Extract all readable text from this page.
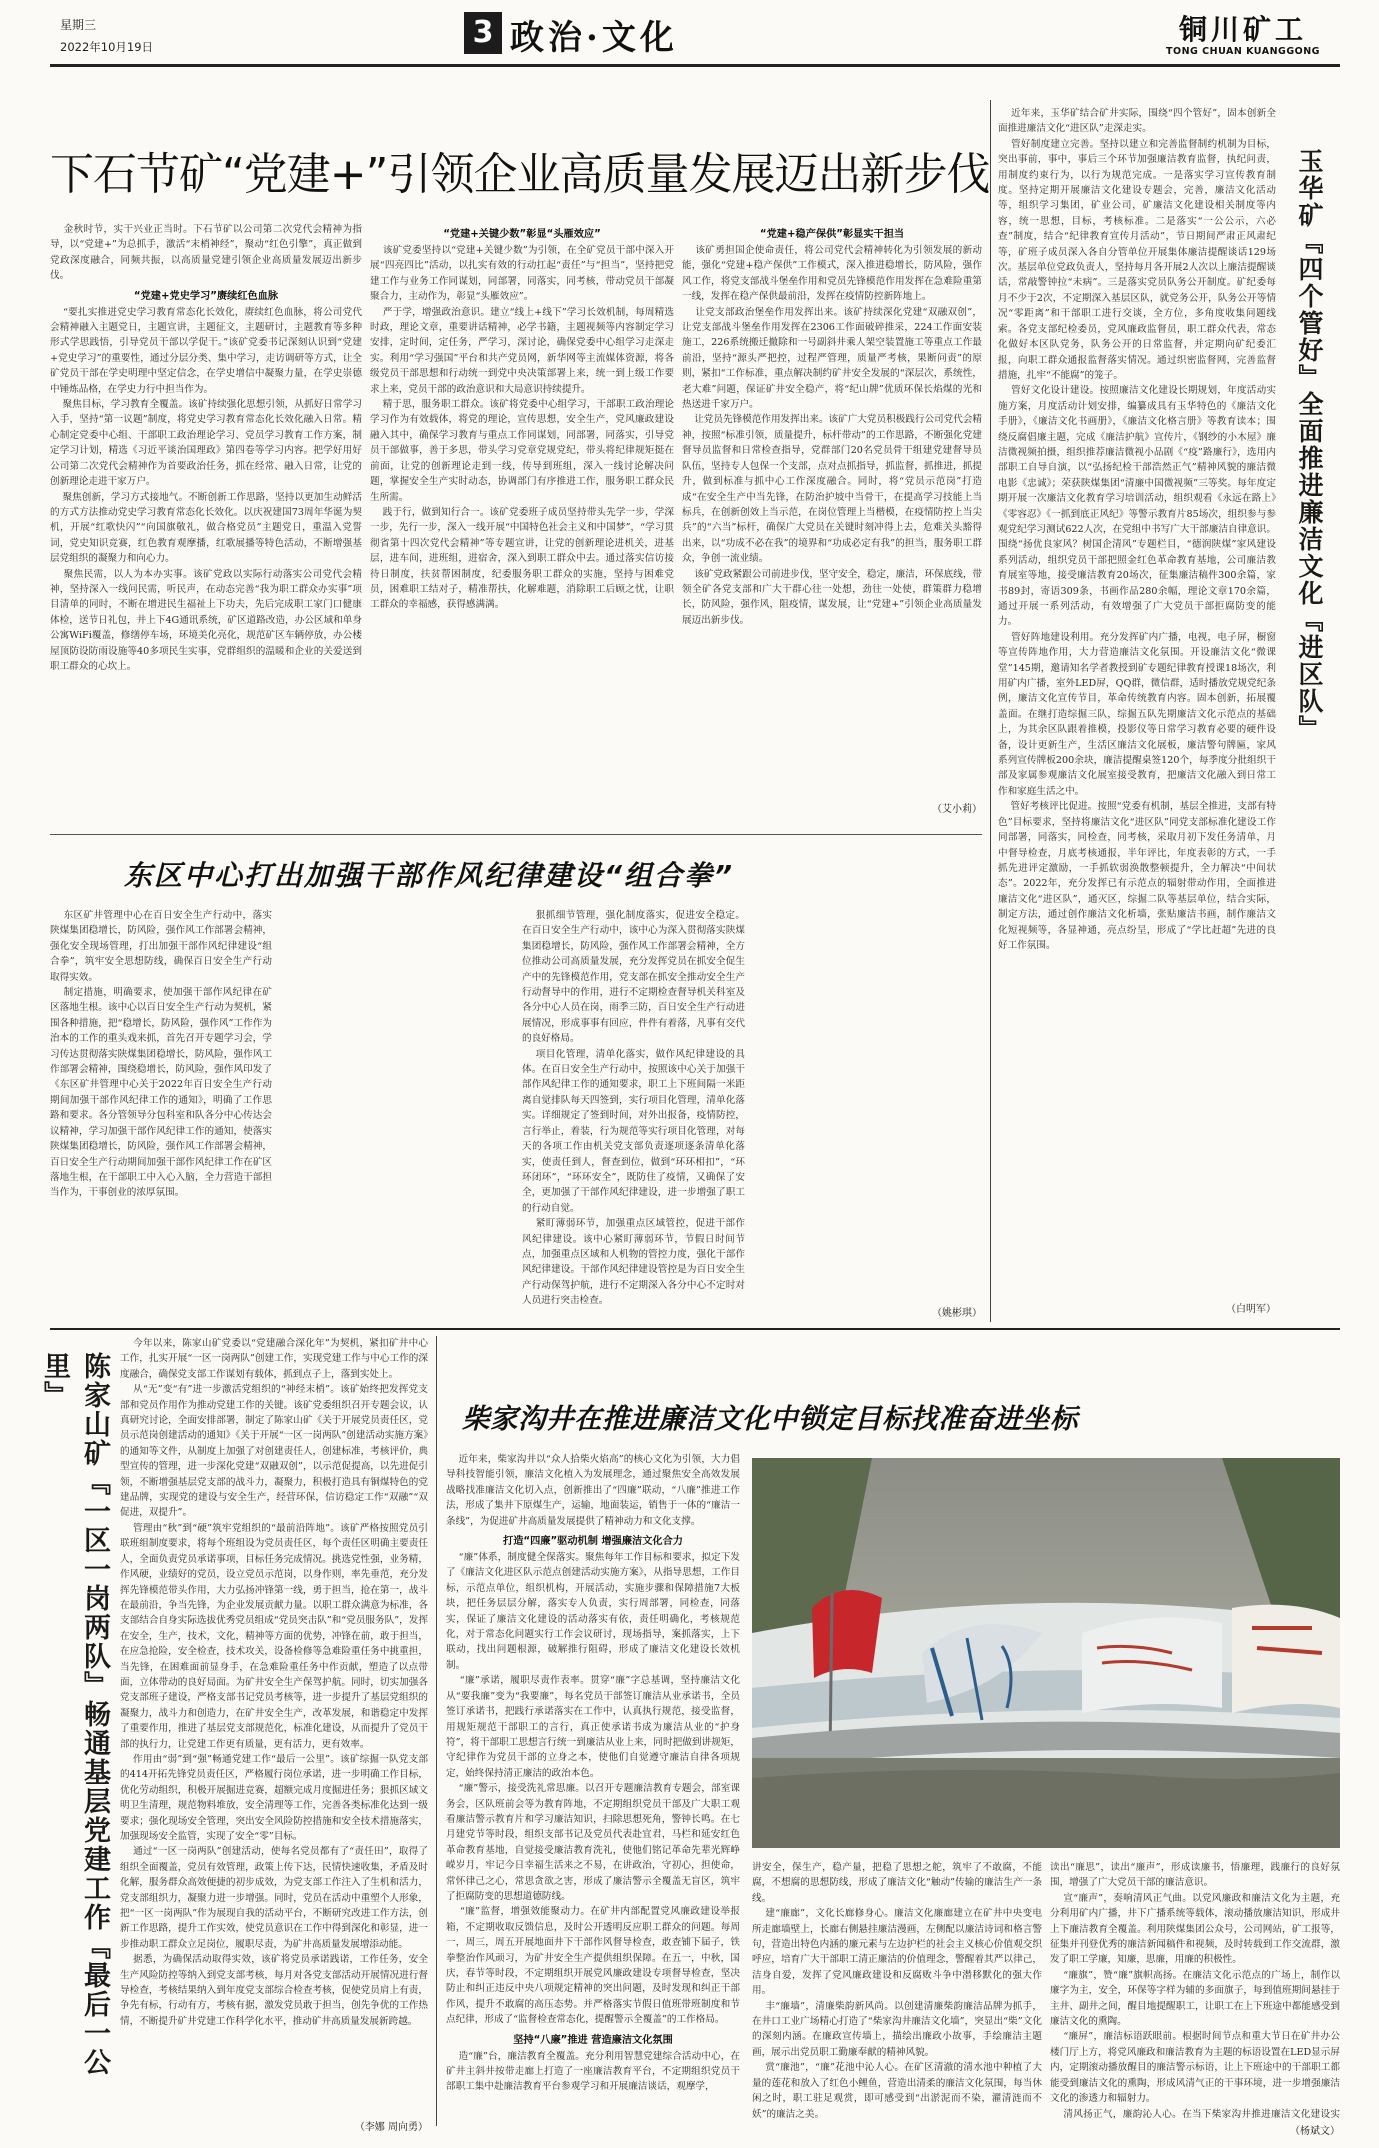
星期三
2022年10月19日	3 政治·文化	铜川矿工
TONG CHUAN KUANGGONG
下石节矿“党建+”引领企业高质量发展迈出新步伐

金秋时节，实干兴业正当时。下石节矿以公司第二次党代会精神为指导，以“党建+”为总抓手，激活“末梢神经”，聚动“红色引擎”，真正做到党政深度融合，同频共振，以高质量党建引领企业高质量发展迈出新步伐。

“党建+党史学习”赓续红色血脉

“要扎实推进党史学习教育常态化长效化，赓续红色血脉，将公司党代会精神融入主题党日，主题宣讲，主题征文，主题研讨，主题教育等多种形式学思践悟，引导党员干部以学促干。”该矿党委书记深刻认识到“党建+党史学习”的重要性，通过分层分类、集中学习，走访调研等方式，让全矿党员干部在学史明理中坚定信念，在学史增信中凝聚力量，在学史崇德中锤炼品格，在学史力行中担当作为。
聚焦目标，学习教育全覆盖。该矿持续强化思想引领，从抓好日常学习入手，坚持“第一议题”制度，将党史学习教育常态化长效化融入日常。精心制定党委中心组、干部职工政治理论学习、党员学习教育工作方案，制定学习计划，精选《习近平谈治国理政》第四卷等学习内容。把学好用好公司第二次党代会精神作为首要政治任务，抓在经常、融入日常，让党的创新理论走进干家万户。
聚焦创新，学习方式接地气。不断创新工作思路，坚持以更加生动鲜活的方式方法推动党史学习教育常态化长效化。以庆祝建国73周年华诞为契机，开展“红歌快闪”“向国旗敬礼，做合格党员”主题党日，重温入党誓词，党史知识竞赛，红色教育观摩播，红歌展播等特色活动，不断增强基层党组织的凝聚力和向心力。
聚焦民需，以人为本办实事。该矿党政以实际行动落实公司党代会精神，坚持深入一线问民需，听民声，在动态完善“我为职工群众办实事”项目清单的同时，不断在增进民生福祉上下功夫，先后完成职工家门口健康体检，送节日礼包，井上下4G通讯系统，矿区道路改造，办公区域和单身公寓WiFi覆盖，修缮停车场，环境美化亮化，规范矿区车辆停放，办公楼屋顶防设防雨设施等40多项民生实事，党群组织的温暖和企业的关爱送到职工群众的心坎上。

“党建+关键少数”彰显“头雁效应”

该矿党委坚持以“党建+关键少数”为引领，在全矿党员干部中深入开展“四亮四比”活动，以扎实有效的行动扛起“责任”与“担当”，坚持把党建工作与业务工作同谋划，同部署，同落实，同考核，带动党员干部凝聚合力，主动作为，彰显“头雁效应”。
严于学，增强政治意识。建立“线上+线下”学习长效机制，每周精选时政，理论文章，重要讲话精神，必学书籍，主题视频等内容制定学习安排，定时间，定任务，严学习，深讨论，确保党委中心组学习走深走实。利用“学习强国”平台和共产党员网，新华网等主流媒体资源，将各级党员干部思想和行动统一到党中央决策部署上来，统一到上级工作要求上来，党员干部的政治意识和大局意识持续提升。
精于思，服务职工群众。该矿将党委中心组学习，干部职工政治理论学习作为有效载体，将党的理论，宣传思想，安全生产，党风廉政建设融入其中，确保学习教育与重点工作同谋划，同部署，同落实，引导党员干部做事，善于多思，带头学习党章党规党纪，带头将纪律规矩挺在前面，让党的创新理论走到一线，传导到班组，深入一线讨论解决问题，掌握安全生产实时动态，协调部门有序推进工作，服务职工群众民生所需。
践于行，做到知行合一。该矿党委班子成员坚持带头先学一步，学深一步，先行一步，深入一线开展“中国特色社会主义和中国梦”，“学习贯彻省第十四次党代会精神”等专题宣讲，让党的创新理论进机关，进基层，进车间，进班组，进宿舍，深入到职工群众中去。通过落实信访接待日制度，扶贫帮困制度，纪委服务职工群众的实施，坚持与困难党员，困难职工结对子，精准帮扶，化解难题，消除职工后顾之忧，让职工群众的幸福感，获得感满满。

“党建+稳产保供”彰显实干担当

该矿勇担国企使命责任，将公司党代会精神转化为引领发展的新动能，强化“党建+稳产保供”工作模式，深入推进稳增长，防风险，强作风工作，将党支部战斗堡垒作用和党员先锋模范作用发挥在急难险重第一线，发挥在稳产保供最前沿，发挥在疫情防控新阵地上。
让党支部政治堡垒作用发挥出来。该矿持续深化党建“双融双创”，让党支部战斗堡垒作用发挥在2306工作面破碎推采，224工作面安装施工，226系统搬迁撤除和一号副斜井乘人架空装置施工等重点工作最前沿，坚持“源头严把控，过程严管理，质量严考核，果断问责”的原则，紧扣“工作标准，重点解决制约矿井安全发展的“深层次，系统性，老大难”问题，保证矿井安全稳产，将“纪山牌”优质环保长焰煤的光和热送进千家万户。
让党员先锋模范作用发挥出来。该矿广大党员积极践行公司党代会精神，按照“标准引领，质量提升，标杆带动”的工作思路，不断强化党建督导员监督和日常检查指导，党群部门20名党员骨干组建党建督导员队伍，坚持专人包保一个支部，点对点抓指导，抓监督，抓推进，抓提升，做到标准与抓中心工作深度融合。同时，将“党员示范岗”打造成“在安全生产中当先锋，在防治护坡中当骨干，在提高学习技能上当标兵，在创新创效上当示范，在岗位管理上当楷模，在疫情防控上当尖兵”的“六当”标杆，确保广大党员在关键时刻冲得上去，危难关头豁得出来，以“功成不必在我”的境界和“功成必定有我”的担当，服务职工群众，争创一流业绩。
该矿党政紧跟公司前进步伐，坚守安全，稳定，廉洁，环保底线，带领全矿各党支部和广大干群心往一处想，劲往一处使，群策群力稳增长，防风险，强作风，阻疫情，谋发展，让“党建+”引领企业高质量发展迈出新步伐。

（艾小莉）

近年来，玉华矿结合矿井实际，围绕“四个管好”，固本创新全面推进廉洁文化“进区队”走深走实。
管好制度建立完善。坚持以建立和完善监督制约机制为目标，突出事前，事中，事后三个环节加强廉洁教育监督，执纪问责，用制度约束行为，以行为规范完成。一是落实学习宣传教育制度。坚持定期开展廉洁文化建设专题会，完善，廉洁文化活动等，组织学习集团，矿业公司，矿廉洁文化建设相关制度等内容，统一思想，目标，考核标准。二是落实“一公公示，六必查”制度，结合“纪律教育宣传月活动”，节日期间严肃正风肃纪等，矿班子成员深入各自分管单位开展集体廉洁提醒谈话129场次。基层单位党政负责人，坚持每月各开展2人次以上廉洁提醒谈话，常敲警钟拉“未病”。三是落实党员队务公开制度。矿纪委每月不少于2次，不定期深入基层区队，就党务公开，队务公开等情况“零距离”和干部职工进行交谈，全方位，多角度收集问题线索。各党支部纪检委员，党风廉政监督员，职工群众代表，常态化做好本区队党务，队务公开的日常监督，并定期向矿纪委汇报，向职工群众通报监督落实情况。通过织密监督网，完善监督措施，扎牢“不能腐”的笼子。
管好文化设计建设。按照廉洁文化建设长期规划，年度活动实施方案，月度活动计划安排，编纂成具有玉华特色的《廉洁文化手册》，《廉洁文化书画册》，《廉洁文化格言册》等教育读本；围绕反腐倡廉主题，完成《廉洁护航》宣传片，《钢纱的小木屋》廉洁微视频拍摄，组织推荐廉洁微视小品剧《“疫”路廉行》，选用内部职工自导自演，以“弘扬纪检干部浩然正气”精神风貌的廉洁微电影《忠诚》；荣获陕煤集团“清廉中国微视频”三等奖。每年度定期开展一次廉洁文化教育学习培训活动，组织观看《永远在路上》《零容忍》《一抓到底正风纪》等警示教育片85场次，组织参与参观党纪学习测试622人次，在党组中书写广大干部廉洁自律意识。围绕“扬优良家风？树国企清风”专题栏目，“德润陕煤”家风建设系列活动，组织党员干部把照金红色革命教育基地，公司廉洁教育展室等地，接受廉洁教育20场次，征集廉洁稿件300余篇，家书89封，寄语309条，书画作品280余幅，理论文章170余篇，通过开展一系列活动，有效增强了广大党员干部拒腐防变的能力。
管好阵地建设利用。充分发挥矿内广播，电视，电子屏，橱窗等宣传阵地作用，大力营造廉洁文化氛围。开设廉洁文化“微课堂”145期，邀请知名学者教授到矿专题纪律教育授课18场次，利用矿内广播，室外LED屏，QQ群，微信群，适时播放党规党纪条例，廉洁文化宣传节目，革命传统教育内容。固本创新，拓展覆盖面。在继打造综掘三队，综掘五队先期廉洁文化示范点的基础上，为其余区队跟着推模，投影仪等日常学习教育必要的硬件设备，设计更新生产，生活区廉洁文化展板，廉洁警句牌匾，家风系列宣传牌板200余块，廉洁提醒桌签120个，每季度分批组织干部及家属参观廉洁文化展室接受教育，把廉洁文化融入到日常工作和家庭生活之中。
管好考核评比促进。按照“党委有机制，基层全推进，支部有特色”目标要求，坚持将廉洁文化“进区队”同党支部标准化建设工作同部署，同落实，同检查，同考核，采取月初下发任务清单，月中督导检查，月底考核通报，半年评比，年度表彰的方式，一手抓先进评定激励，一手抓软弱涣散整顿提升，全力解决“中间状态”。2022年，充分发挥已有示范点的辐射带动作用，全面推进廉洁文化“进区队”，通灭区，综掘二队等基层单位，结合实际，制定方法，通过创作廉洁文化析墙，张贴廉洁书画，制作廉洁文化短视频等，各显神通，亮点纷呈，形成了“学比赶超”先进的良好工作氛围。

玉华矿『四个管好』全面推进廉洁文化『进区队』
（白明军）
东区中心打出加强干部作风纪律建设“组合拳”

东区矿井管理中心在百日安全生产行动中，落实陕煤集团稳增长，防风险，强作风工作部署会精神，强化安全现场管理，打出加强干部作风纪律建设“组合拳”，筑牢安全思想防线，确保百日安全生产行动取得实效。
制定措施，明确要求，使加强干部作风纪律在矿区落地生根。该中心以百日安全生产行动为契机，紧围各种措施，把“稳增长，防风险，强作风”工作作为治本的工作的重头戏来抓，首先召开专题学习会，学习传达贯彻落实陕煤集团稳增长，防风险，强作风工作部署会精神，围绕稳增长，防风险，强作风印发了《东区矿井管理中心关于2022年百日安全生产行动期间加强干部作风纪律工作的通知》，明确了工作思路和要求。各分管领导分包科室和队各分中心传达会议精神，学习加强干部作风纪律工作的通知，使落实陕煤集团稳增长，防风险，强作风工作部署会精神，百日安全生产行动期间加强干部作风纪律工作在矿区落地生根，在干部职工中入心入脑，全力营造干部担当作为，干事创业的浓厚氛围。

狠抓细节管理，强化制度落实，促进安全稳定。在百日安全生产行动中，该中心为深入贯彻落实陕煤集团稳增长，防风险，强作风工作部署会精神，全方位推动公司高质量发展，充分发挥党员在抓安全促生产中的先锋模范作用，党支部在抓安全推动安全生产行动督导中的作用，进行不定期检查督导机关科室及各分中心人员在岗，雨季三防，百日安全生产行动进展情况，形成事事有回应，件件有着落，凡事有交代的良好格局。
项目化管理，清单化落实，做作风纪律建设的具体。在百日安全生产行动中，按照该中心关于加强干部作风纪律工作的通知要求，职工上下班间隔一米距离自觉排队每天四签到，实行项目化管理，清单化落实。详细规定了签到时间，对外出报备，疫情防控，言行举止，着装，行为规范等实行项目化管理，对每天的各项工作由机关党支部负责逐项逐条清单化落实，使责任到人，督查到位，做到“环环相扣”，“环环闭环”，“环环安全”，既防住了疫情，又确保了安全，更加强了干部作风纪律建设，进一步增强了职工的行动自觉。
紧盯薄弱环节，加强重点区域管控，促进干部作风纪律建设。该中心紧盯薄弱环节，节假日时间节点，加强重点区域和人机物的管控力度，强化干部作风纪律建设。干部作风纪律建设管控是为百日安全生产行动保驾护航，进行不定期深入各分中心不定时对人员进行突击检查。

（姚彬琪）
陈家山矿『一区一岗两队』畅通基层党建工作『最后一公里』

今年以来，陈家山矿党委以“党建融合深化年”为契机，紧扣矿井中心工作，扎实开展“一区一岗两队”创建工作，实现党建工作与中心工作的深度融合，确保党支部工作谋划有载体，抓到点子上，落到实处上。
从“无”变“有”进一步激活党组织的“神经末梢”。该矿始终把发挥党支部和党员作用作为推动党建工作的关键。该矿党委组织召开专题会议，认真研究讨论，全面安排部署，制定了陈家山矿《关于开展党员责任区，党员示范岗创建活动的通知》《关于开展“一区一岗两队”创建活动实施方案》的通知等文件，从制度上加强了对创建责任人，创建标准，考核评价，典型宣传的管理，进一步深化党建“双融双创”，以示范促提高，以先进促引领，不断增强基层党支部的战斗力，凝聚力，积极打造具有铜煤特色的党建品牌，实现党的建设与安全生产，经营环保，信访稳定工作“双融”“双促进，双提升”。
管理由“秋”到“硬”筑牢党组织的“最前沿阵地”。该矿严格按照党员引联班组制度要求，将每个班组设为党员责任区，每个责任区明确主要责任人，全面负责党员承诺事项，目标任务完成情况。挑选党性强，业务精，作风硬，业绩好的党员，设立党员示范岗，以身作则，率先垂范，充分发挥先锋模范带头作用，大力弘扬冲锋第一线，勇于担当，抢在第一，战斗在最前沿，争当先锋，为企业发展贡献力量。以职工群众满意为标准，各支部结合自身实际选拔优秀党员组成“党员突击队”和“党员服务队”，发挥在安全，生产，技术，文化，精神等方面的优势，冲锋在前，敢于担当，在应急抢险，安全检查，技术攻关，设备检修等急难险重任务中挑重担，当先锋，在困难面前显身手，在急难险重任务中作贡献，塑造了以点带面，立体带动的良好局面。为矿井安全生产保驾护航。同时，切实加强各党支部班子建设，严格支部书记党员考核等，进一步提升了基层党组织的凝聚力，战斗力和创造力，在矿井安全生产，改革发展，和谐稳定中发挥了重要作用，推进了基层党支部规范化，标准化建设，从而提升了党员干部的执行力，让党建工作更有质量，更有活力，更有效率。
作用由“弱”到“强”畅通党建工作“最后一公里”。该矿综掘一队党支部的414开拓先锋党员责任区，严格履行岗位承诺，进一步明确工作目标，优化劳动组织，积极开展掘进竞赛，超额完成月度掘进任务；狠抓区域文明卫生清理，规范物料堆放，安全清理等工作，完善各类标准化达到一级要求；强化现场安全管理，突出安全风险防控措施和安全技术措施落实，加强现场安全监管，实现了安全“零”目标。
通过“一区一岗两队”创建活动，使每名党员都有了“责任田”，取得了组织全面覆盖，党员有效管理，政策上传下达，民情快速收集，矛盾及时化解，服务群众高效便捷的初步成效，为党支部工作注入了生机和活力，党支部组织力，凝聚力进一步增强。同时，党员在活动中重塑个人形象，把“一区一岗两队”作为展现自我的活动平台，不断研究改进工作方法，创新工作思路，提升工作实效，使党员意识在工作中得到深化和彰显，进一步推动职工群众立足岗位，履职尽责，为矿井高质量发展增添动能。
据悉，为确保活动取得实效，该矿将党员承诺践诺，工作任务，安全生产风险防控等纳入到党支部考核，每月对各党支部活动开展情况进行督导检查，考核结果纳入到年度党支部综合检查考核，促使党员肩上有责，争先有标，行动有方，考核有据，激发党员敢于担当，创先争优的工作热情，不断提升矿井党建工作科学化水平，推动矿井高质量发展新跨越。

（李娜 周向勇）
柴家沟井在推进廉洁文化中锁定目标找准奋进坐标

近年来，柴家沟井以“众人拾柴火焰高”的核心文化为引领，大力倡导科技智能引领，廉洁文化植入为发展理念，通过聚焦安全高效发展战略找准廉洁文化切入点，创新推出了“四廉”联动，“八廉”推进工作法，形成了集井下原煤生产，运输，地面装运，销售于一体的“廉洁一条线”，为促进矿井高质量发展提供了精神动力和文化支撑。

打造“四廉”驱动机制 增强廉洁文化合力

“廉”体系，制度健全保落实。聚焦每年工作目标和要求，拟定下发了《廉洁文化进区队示范点创建活动实施方案》，从指导思想，工作目标，示范点单位，组织机构，开展活动，实施步骤和保障措施7大板块，把任务层层分解，落实专人负责，实行周部署，同检查，同落实，保证了廉洁文化建设的活动落实有依，责任明确化，考核规范化，对于常态化问题实行工作会议研讨，现场指导，案抓落实，上下联动，找出问题根源，破解推行阻碍，形成了廉洁文化建设长效机制。
“廉”承诺，履职尽责作表率。贯穿“廉”字总基调，坚持廉洁文化从“要我廉”变为“我要廉”，每名党员干部签订廉洁从业承诺书，全员签订承诺书，把践行承诺落实在工作中，认真执行规范，接受监督，用规矩规范干部职工的言行，真正使承诺书成为廉洁从业的“护身符”，将干部职工思想言行统一到廉洁从业上来，同时把做到讲规矩，守纪律作为党员干部的立身之本，使他们自觉遵守廉洁自律各项规定，始终保持清正廉洁的政治本色。
“廉”警示，接受洗礼常思廉。以召开专题廉洁教育专题会，部室课务会，区队班前会等为教育阵地，不定期组织党员干部及广大职工观看廉洁警示教育片和学习廉洁知识，扫除思想死角，警钟长鸣。在七月建党节等时段，组织支部书记及党员代表赴宜君，马栏和延安红色革命教育基地，自觉接受廉洁教育洗礼，使他们铭记革命先辈光辉峥嵘岁月，牢记今日幸福生活来之不易，在讲政治，守初心，担使命，常怀律己之心，常思贪欲之害，形成了廉洁警示全覆盖无盲区，筑牢了拒腐防变的思想道德防线。
“廉”监督，增强效能聚动力。在矿井内部配置党风廉政建设举报箱，不定期收取反馈信息，及时公开透明反应职工群众的问题。每周一，周三，周五开展地面井下干部作风督导检查，敢查铺下届子，铁拳整治作风顽习，为矿井安全生产提供组织保障。在五一，中秋，国庆，春节等时段，不定期组织开展党风廉政建设专项督导检查，坚决防止和纠正违反中央八项规定精神的突出问题，及时发现和纠正干部作风，提升不敢腐的高压态势。并严格落实节假日值班带班制度和节点纪律，形成了“监督检查常态化，提醒警示全覆盖”的工作格局。

坚持“八廉”推进 营造廉洁文化氛围

造“廉”台，廉洁教育全覆盖。充分利用智慧党建综合活动中心，在矿井主斜井按带走廊上打造了一座廉洁教育平台，不定期组织党员干部职工集中赴廉洁教育平台参观学习和开展廉洁谈话，观摩学，

讲安全，保生产，稳产量，把稳了思想之舵，筑牢了不敢腐，不能腐，不想腐的思想防线，形成了廉洁文化“触动”传输的廉洁生产一条线。
建“廉廊”，文化长廊修身心。廉洁文化廉廊建立在矿井中央变电所走廊墙壁上，长廊右侧悬挂廉洁漫画，左侧配以廉洁诗词和格言警句，营造出特色内涵的廉元素与左边护栏的社会主义核心价值观交织呼应，培育广大干部职工清正廉洁的价值理念，警醒着其严以律己，洁身自爱，发挥了党风廉政建设和反腐败斗争中潜移默化的强大作用。
丰“廉墙”，清廉柴韵新风尚。以创建清廉柴韵廉洁品牌为抓手，在井口工业广场精心打造了“柴家沟井廉洁文化墙”，突显出“柴”文化的深刻内涵。在廉政宣传墙上，描绘出廉政小故事，手绘廉洁主题画，展示出党员职工勤廉奉献的精神风貌。
赏“廉池”，“廉”花池中沁人心。在矿区清澈的清水池中种植了大量的莲花和放入了红色小鲤鱼，营造出清柔的廉洁文化氛围，每当休闲之时，职工驻足观赏，即可感受到“出淤泥而不染，濯清涟而不妖”的廉洁之美。

读出“廉思”，读出“廉声”，形成读廉书，悟廉理，践廉行的良好氛围，增强了广大党员干部的廉洁意识。
宣“廉声”，奏响清风正气曲。以党风廉政和廉洁文化为主题，充分利用矿内广播，井下广播系统等载体，滚动播放廉洁知识，形成井上下廉洁教育全覆盖。利用陕煤集团公众号，公司网站，矿工报等，征集并刊登优秀的廉洁新闻稿件和视频，及时转载到工作交流群，激发了职工学廉，知廉，思廉，用廉的积极性。
“廉旗”，赞“廉”旗帜高扬。在廉洁文化示范点的广场上，制作以廉字为主，安全，环保等字样为辅的多面旗子，每到值班期间悬挂于主井、副井之间，醒目地提醒职工，让职工在上下班途中都能感受到廉洁文化的熏陶。
“廉屏”，廉洁标语跃眼前。根据时间节点和重大节日在矿井办公楼门厅上方，将党风廉政和廉洁教育为主题的标语设置在LED显示屏内，定期滚动播放醒目的廉洁警示标语，让上下班途中的干部职工都能受到廉洁文化的熏陶，形成风清气正的干事环境，进一步增强廉洁文化的渗透力和辐射力。
清风扬正气，廉韵沁人心。在当下柴家沟井推进廉洁文化建设实

（杨斌文）
